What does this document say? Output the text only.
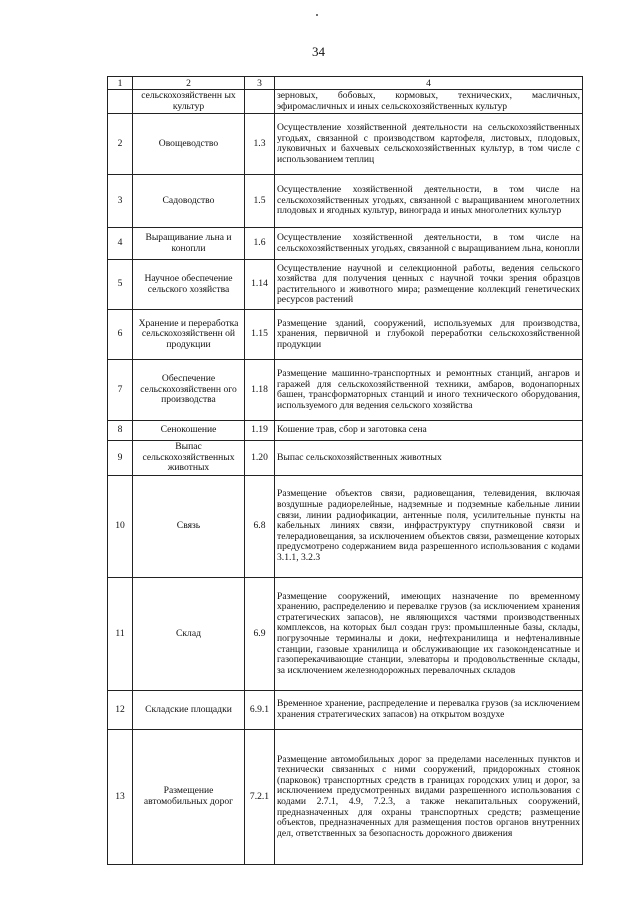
34
1	2	3	4
	сельскохозяйственн ых культур		зерновых, бобовых, кормовых, технических, масличных, эфиромасличных и иных сельскохозяйственных культур
2	Овощеводство	1.3	Осуществление хозяйственной деятельности на сельскохозяйственных угодьях, связанной с производством картофеля, листовых, плодовых, луковичных и бахчевых сельскохозяйственных культур, в том числе с использованием теплиц
3	Садоводство	1.5	Осуществление хозяйственной деятельности, в том числе на сельскохозяйственных угодьях, связанной с выращиванием многолетних плодовых и ягодных культур, винограда и иных многолетних культур
4	Выращивание льна и конопли	1.6	Осуществление хозяйственной деятельности, в том числе на сельскохозяйственных угодьях, связанной с выращиванием льна, конопли
5	Научное обеспечение сельского хозяйства	1.14	Осуществление научной и селекционной работы, ведения сельского хозяйства для получения ценных с научной точки зрения образцов растительного и животного мира; размещение коллекций генетических ресурсов растений
6	Хранение и переработка сельскохозяйственн ой продукции	1.15	Размещение зданий, сооружений, используемых для производства, хранения, первичной и глубокой переработки сельскохозяйственной продукции
7	Обеспечение сельскохозяйственн ого производства	1.18	Размещение машинно-транспортных и ремонтных станций, ангаров и гаражей для сельскохозяйственной техники, амбаров, водонапорных башен, трансформаторных станций и иного технического оборудования, используемого для ведения сельского хозяйства
8	Сенокошение	1.19	Кошение трав, сбор и заготовка сена
9	Выпас сельскохозяйственных животных	1.20	Выпас сельскохозяйственных животных
10	Связь	6.8	Размещение объектов связи, радиовещания, телевидения, включая воздушные радиорелейные, надземные и подземные кабельные линии связи, линии радиофикации, антенные поля, усилительные пункты на кабельных линиях связи, инфраструктуру спутниковой связи и телерадиовещания, за исключением объектов связи, размещение которых предусмотрено содержанием вида разрешенного использования с кодами 3.1.1, 3.2.3
11	Склад	6.9	Размещение сооружений, имеющих назначение по временному хранению, распределению и перевалке грузов (за исключением хранения стратегических запасов), не являющихся частями производственных комплексов, на которых был создан груз: промышленные базы, склады, погрузочные терминалы и доки, нефтехранилища и нефтеналивные станции, газовые хранилища и обслуживающие их газоконденсатные и газоперекачивающие станции, элеваторы и продовольственные склады, за исключением железнодорожных перевалочных складов
12	Складские площадки	6.9.1	Временное хранение, распределение и перевалка грузов (за исключением хранения стратегических запасов) на открытом воздухе
13	Размещение автомобильных дорог	7.2.1	Размещение автомобильных дорог за пределами населенных пунктов и технически связанных с ними сооружений, придорожных стоянок (парковок) транспортных средств в границах городских улиц и дорог, за исключением предусмотренных видами разрешенного использования с кодами 2.7.1, 4.9, 7.2.3, а также некапитальных сооружений, предназначенных для охраны транспортных средств; размещение объектов, предназначенных для размещения постов органов внутренних дел, ответственных за безопасность дорожного движения
